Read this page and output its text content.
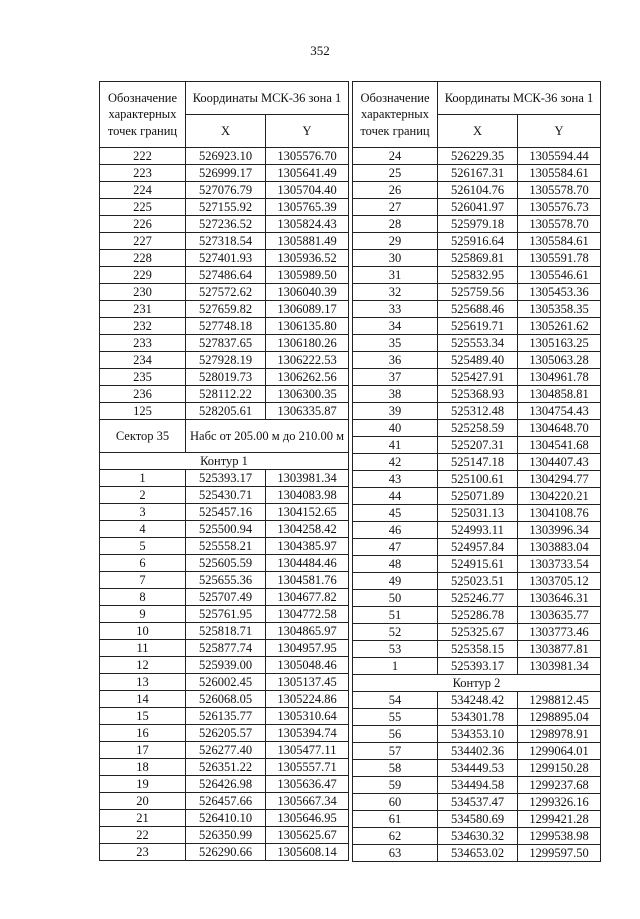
352
Обозначение характерных точек границ	Координаты МСК-36 зона 1	
	X	Y
222	526923.10	1305576.70
223	526999.17	1305641.49
224	527076.79	1305704.40
225	527155.92	1305765.39
226	527236.52	1305824.43
227	527318.54	1305881.49
228	527401.93	1305936.52
229	527486.64	1305989.50
230	527572.62	1306040.39
231	527659.82	1306089.17
232	527748.18	1306135.80
233	527837.65	1306180.26
234	527928.19	1306222.53
235	528019.73	1306262.56
236	528112.22	1306300.35
125	528205.61	1306335.87
Сектор 35	Набс от 205.00 м до 210.00 м	
Контур 1		
1	525393.17	1303981.34
2	525430.71	1304083.98
3	525457.16	1304152.65
4	525500.94	1304258.42
5	525558.21	1304385.97
6	525605.59	1304484.46
7	525655.36	1304581.76
8	525707.49	1304677.82
9	525761.95	1304772.58
10	525818.71	1304865.97
11	525877.74	1304957.95
12	525939.00	1305048.46
13	526002.45	1305137.45
14	526068.05	1305224.86
15	526135.77	1305310.64
16	526205.57	1305394.74
17	526277.40	1305477.11
18	526351.22	1305557.71
19	526426.98	1305636.47
20	526457.66	1305667.34
21	526410.10	1305646.95
22	526350.99	1305625.67
23	526290.66	1305608.14
Обозначение характерных точек границ	Координаты МСК-36 зона 1	
	X	Y
24	526229.35	1305594.44
25	526167.31	1305584.61
26	526104.76	1305578.70
27	526041.97	1305576.73
28	525979.18	1305578.70
29	525916.64	1305584.61
30	525869.81	1305591.78
31	525832.95	1305546.61
32	525759.56	1305453.36
33	525688.46	1305358.35
34	525619.71	1305261.62
35	525553.34	1305163.25
36	525489.40	1305063.28
37	525427.91	1304961.78
38	525368.93	1304858.81
39	525312.48	1304754.43
40	525258.59	1304648.70
41	525207.31	1304541.68
42	525147.18	1304407.43
43	525100.61	1304294.77
44	525071.89	1304220.21
45	525031.13	1304108.76
46	524993.11	1303996.34
47	524957.84	1303883.04
48	524915.61	1303733.54
49	525023.51	1303705.12
50	525246.77	1303646.31
51	525286.78	1303635.77
52	525325.67	1303773.46
53	525358.15	1303877.81
1	525393.17	1303981.34
Контур 2		
54	534248.42	1298812.45
55	534301.78	1298895.04
56	534353.10	1298978.91
57	534402.36	1299064.01
58	534449.53	1299150.28
59	534494.58	1299237.68
60	534537.47	1299326.16
61	534580.69	1299421.28
62	534630.32	1299538.98
63	534653.02	1299597.50
